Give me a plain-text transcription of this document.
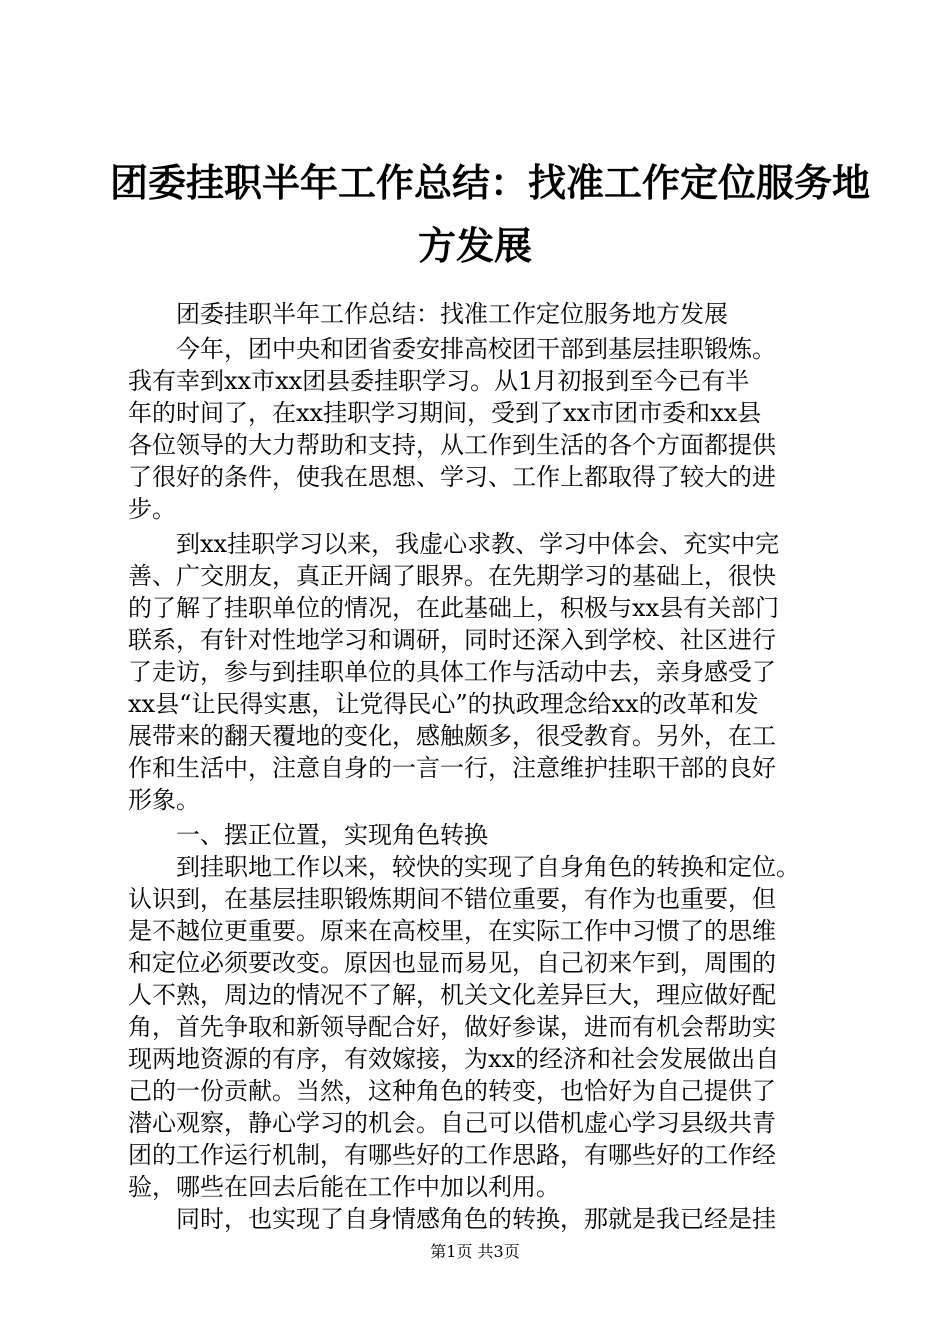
团委挂职半年工作总结：找准工作定位服务地
方发展
团委挂职半年工作总结：找准工作定位服务地方发展
今年，团中央和团省委安排高校团干部到基层挂职锻炼。
我有幸到xx市xx团县委挂职学习。从1月初报到至今已有半
年的时间了，在xx挂职学习期间，受到了xx市团市委和xx县
各位领导的大力帮助和支持，从工作到生活的各个方面都提供
了很好的条件，使我在思想、学习、工作上都取得了较大的进
步。
到xx挂职学习以来，我虚心求教、学习中体会、充实中完
善、广交朋友，真正开阔了眼界。在先期学习的基础上，很快
的了解了挂职单位的情况，在此基础上，积极与xx县有关部门
联系，有针对性地学习和调研，同时还深入到学校、社区进行
了走访，参与到挂职单位的具体工作与活动中去，亲身感受了
xx县“让民得实惠，让党得民心”的执政理念给xx的改革和发
展带来的翻天覆地的变化，感触颇多，很受教育。另外，在工
作和生活中，注意自身的一言一行，注意维护挂职干部的良好
形象。
一、摆正位置，实现角色转换
到挂职地工作以来，较快的实现了自身角色的转换和定位。
认识到，在基层挂职锻炼期间不错位重要，有作为也重要，但
是不越位更重要。原来在高校里，在实际工作中习惯了的思维
和定位必须要改变。原因也显而易见，自己初来乍到，周围的
人不熟，周边的情况不了解，机关文化差异巨大，理应做好配
角，首先争取和新领导配合好，做好参谋，进而有机会帮助实
现两地资源的有序，有效嫁接，为xx的经济和社会发展做出自
己的一份贡献。当然，这种角色的转变，也恰好为自己提供了
潜心观察，静心学习的机会。自己可以借机虚心学习县级共青
团的工作运行机制，有哪些好的工作思路，有哪些好的工作经
验，哪些在回去后能在工作中加以利用。
同时，也实现了自身情感角色的转换，那就是我已经是挂
第1页 共3页
